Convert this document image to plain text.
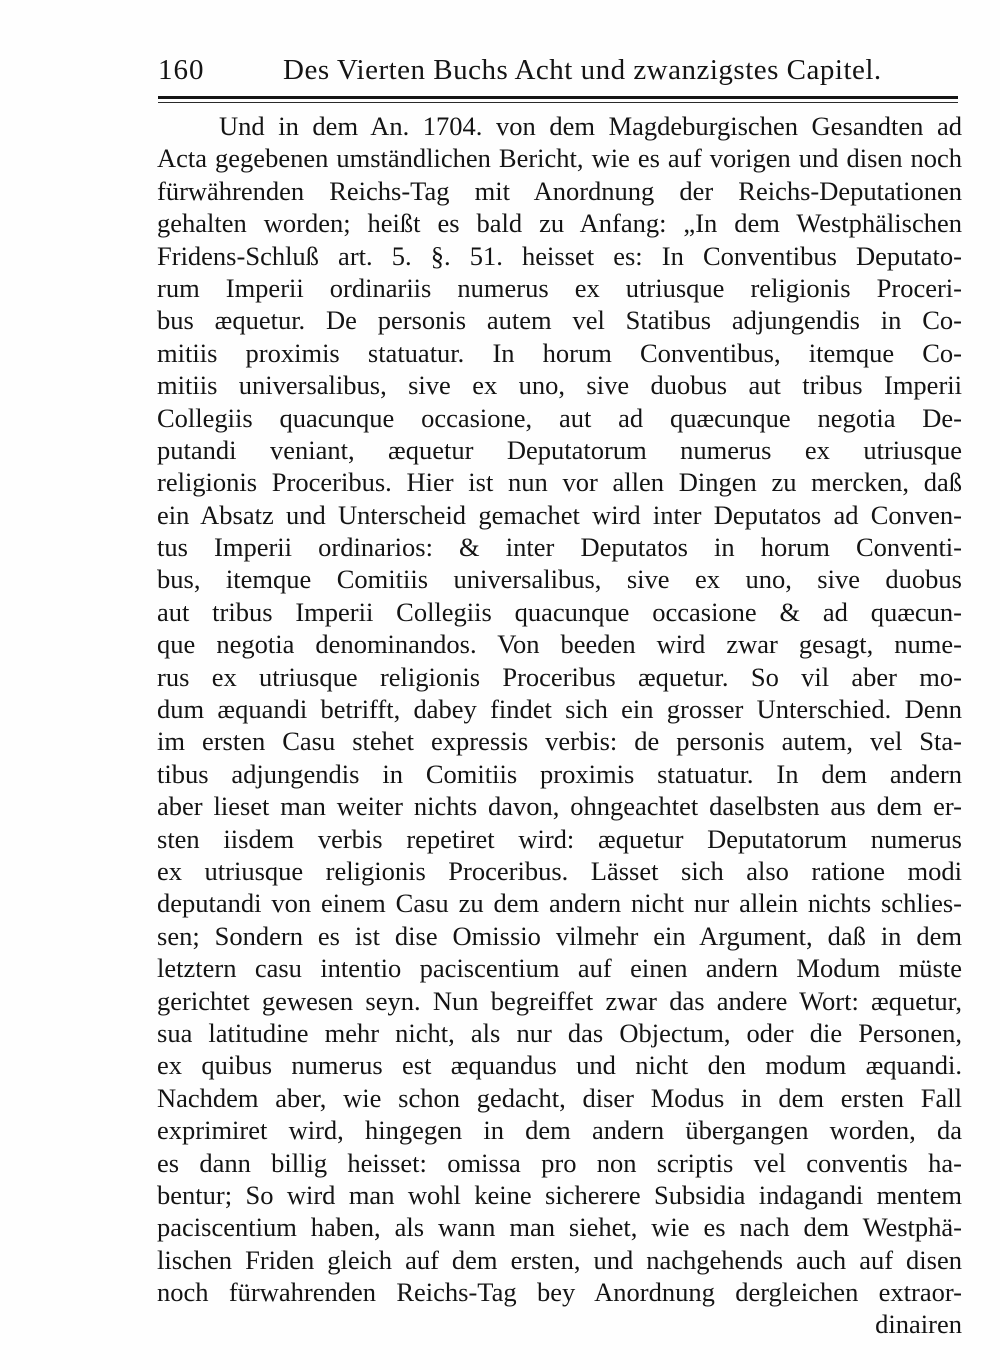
160	Des Vierten Buchs Acht und zwanzigstes Capitel.
Und in dem An. 1704. von dem Magdeburgischen Gesandten ad
Acta gegebenen umständlichen Bericht, wie es auf vorigen und disen noch
fürwährenden Reichs-Tag mit Anordnung der Reichs-Deputationen
gehalten worden; heißt es bald zu Anfang: „In dem Westphälischen
Fridens-Schluß art. 5. §. 51. heisset es: In Conventibus Deputato-
rum Imperii ordinariis numerus ex utriusque religionis Proceri-
bus æquetur. De personis autem vel Statibus adjungendis in Co-
mitiis proximis statuatur. In horum Conventibus, itemque Co-
mitiis universalibus, sive ex uno, sive duobus aut tribus Imperii
Collegiis quacunque occasione, aut ad quæcunque negotia De-
putandi veniant, æquetur Deputatorum numerus ex utriusque
religionis Proceribus. Hier ist nun vor allen Dingen zu mercken, daß
ein Absatz und Unterscheid gemachet wird inter Deputatos ad Conven-
tus Imperii ordinarios: & inter Deputatos in horum Conventi-
bus, itemque Comitiis universalibus, sive ex uno, sive duobus
aut tribus Imperii Collegiis quacunque occasione & ad quæcun-
que negotia denominandos. Von beeden wird zwar gesagt, nume-
rus ex utriusque religionis Proceribus æquetur. So vil aber mo-
dum æquandi betrifft, dabey findet sich ein grosser Unterschied. Denn
im ersten Casu stehet expressis verbis: de personis autem, vel Sta-
tibus adjungendis in Comitiis proximis statuatur. In dem andern
aber lieset man weiter nichts davon, ohngeachtet daselbsten aus dem er-
sten iisdem verbis repetiret wird: æquetur Deputatorum numerus
ex utriusque religionis Proceribus. Lässet sich also ratione modi
deputandi von einem Casu zu dem andern nicht nur allein nichts schlies-
sen; Sondern es ist dise Omissio vilmehr ein Argument, daß in dem
letztern casu intentio paciscentium auf einen andern Modum müste
gerichtet gewesen seyn. Nun begreiffet zwar das andere Wort: æquetur,
sua latitudine mehr nicht, als nur das Objectum, oder die Personen,
ex quibus numerus est æquandus und nicht den modum æquandi.
Nachdem aber, wie schon gedacht, diser Modus in dem ersten Fall
exprimiret wird, hingegen in dem andern übergangen worden, da
es dann billig heisset: omissa pro non scriptis vel conventis ha-
bentur; So wird man wohl keine sicherere Subsidia indagandi mentem
paciscentium haben, als wann man siehet, wie es nach dem Westphä-
lischen Friden gleich auf dem ersten, und nachgehends auch auf disen
noch fürwahrenden Reichs-Tag bey Anordnung dergleichen extraor-
dinairen
